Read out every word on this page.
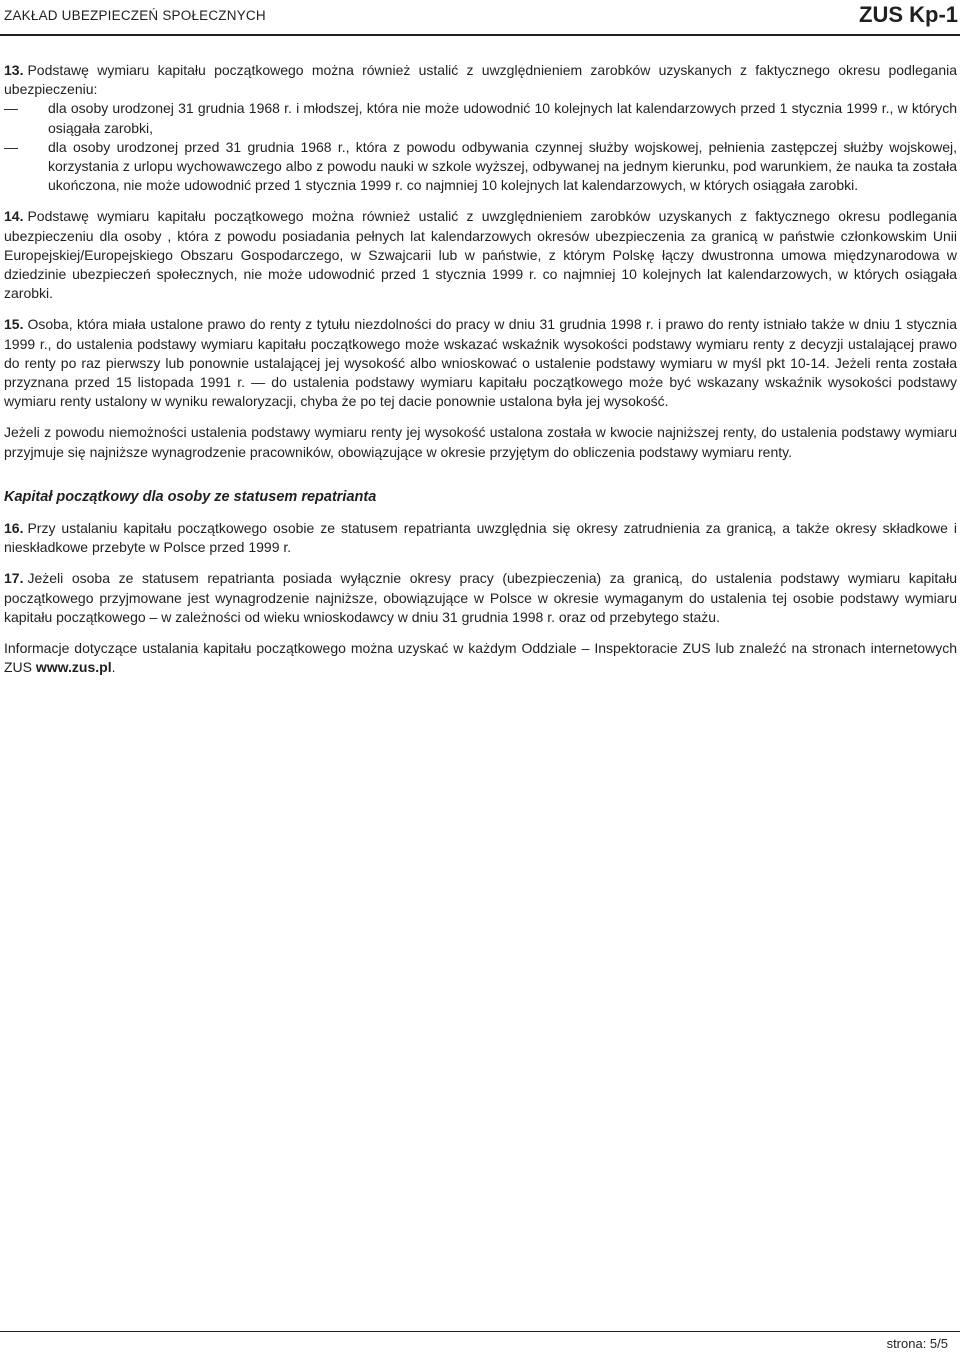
ZAKŁAD UBEZPIECZEŃ SPOŁECZNYCH	ZUS Kp-1
13. Podstawę wymiaru kapitału początkowego można również ustalić z uwzględnieniem zarobków uzyskanych z faktycznego okresu podlegania ubezpieczeniu:
—	dla osoby urodzonej 31 grudnia 1968 r. i młodszej, która nie może udowodnić 10 kolejnych lat kalendarzowych przed 1 stycznia 1999 r., w których osiągała zarobki,
—	dla osoby urodzonej przed 31 grudnia 1968 r., która z powodu odbywania czynnej służby wojskowej, pełnienia zastępczej służby wojskowej, korzystania z urlopu wychowawczego albo z powodu nauki w szkole wyższej, odbywanej na jednym kierunku, pod warunkiem, że nauka ta została ukończona, nie może udowodnić przed 1 stycznia 1999 r. co najmniej 10 kolejnych lat kalendarzowych, w których osiągała zarobki.
14. Podstawę wymiaru kapitału początkowego można również ustalić z uwzględnieniem zarobków uzyskanych z faktycznego okresu podlegania ubezpieczeniu dla osoby , która z powodu posiadania pełnych lat kalendarzowych okresów ubezpieczenia za granicą w państwie członkowskim Unii Europejskiej/Europejskiego Obszaru Gospodarczego, w Szwajcarii lub w państwie, z którym Polskę łączy dwustronna umowa międzynarodowa w dziedzinie ubezpieczeń społecznych, nie może udowodnić przed 1 stycznia 1999 r. co najmniej 10 kolejnych lat kalendarzowych, w których osiągała zarobki.
15. Osoba, która miała ustalone prawo do renty z tytułu niezdolności do pracy w dniu 31 grudnia 1998 r. i prawo do renty istniało także w dniu 1 stycznia 1999 r., do ustalenia podstawy wymiaru kapitału początkowego może wskazać wskaźnik wysokości podstawy wymiaru renty z decyzji ustalającej prawo do renty po raz pierwszy lub ponownie ustalającej jej wysokość albo wnioskować o ustalenie podstawy wymiaru w myśl pkt 10-14. Jeżeli renta została przyznana przed 15 listopada 1991 r. — do ustalenia podstawy wymiaru kapitału początkowego może być wskazany wskaźnik wysokości podstawy wymiaru renty ustalony w wyniku rewaloryzacji, chyba że po tej dacie ponownie ustalona była jej wysokość.
Jeżeli z powodu niemożności ustalenia podstawy wymiaru renty jej wysokość ustalona została w kwocie najniższej renty, do ustalenia podstawy wymiaru przyjmuje się najniższe wynagrodzenie pracowników, obowiązujące w okresie przyjętym do obliczenia podstawy wymiaru renty.
Kapitał początkowy dla osoby ze statusem repatrianta
16. Przy ustalaniu kapitału początkowego osobie ze statusem repatrianta uwzględnia się okresy zatrudnienia za granicą, a także okresy składkowe i nieskładkowe przebyte w Polsce przed 1999 r.
17. Jeżeli osoba ze statusem repatrianta posiada wyłącznie okresy pracy (ubezpieczenia) za granicą, do ustalenia podstawy wymiaru kapitału początkowego przyjmowane jest wynagrodzenie najniższe, obowiązujące w Polsce w okresie wymaganym do ustalenia tej osobie podstawy wymiaru kapitału początkowego – w zależności od wieku wnioskodawcy w dniu 31 grudnia 1998 r. oraz od przebytego stażu.
Informacje dotyczące ustalania kapitału początkowego można uzyskać w każdym Oddziale – Inspektoracie ZUS lub znaleźć na stronach internetowych ZUS www.zus.pl.
strona: 5/5
